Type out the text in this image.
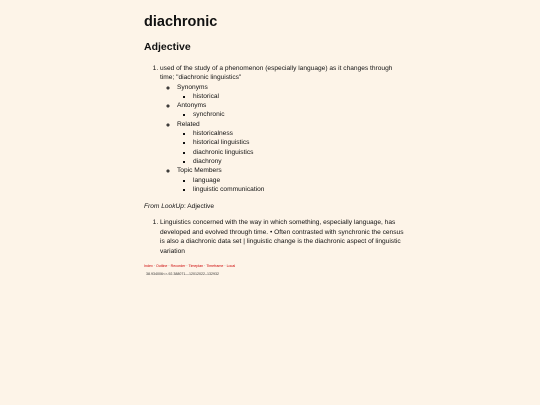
diachronic
Adjective
1. used of the study of a phenomenon (especially language) as it changes through time; "diachronic linguistics"
◦ Synonyms
▪ historical
◦ Antonyms
▪ synchronic
◦ Related
▪ historicalness
▪ historical linguistics
▪ diachronic linguistics
▪ diachrony
◦ Topic Members
▪ language
▪ linguistic communication
From LookUp: Adjective
1. Linguistics concerned with the way in which something, especially language, has developed and evolved through time. • Often contrasted with synchronic the census is also a diachronic data set | linguistic change is the diachronic aspect of linguistic variation
Index · Outline · Recorder · Timeplan · Timeframe · Local
38.934006<>-92.388071—12012022–132932
